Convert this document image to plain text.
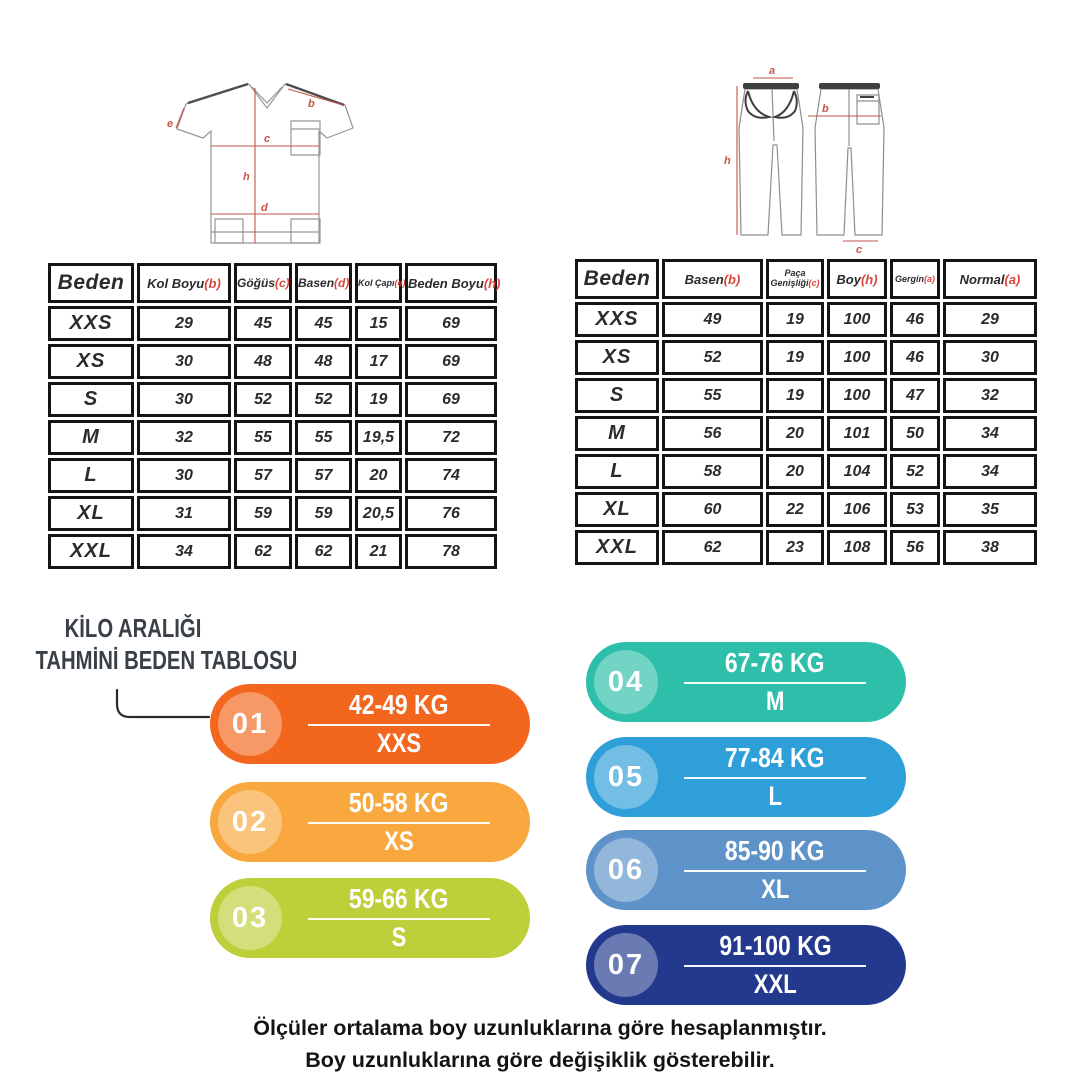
b
c
d
e
h
a
h
b
c
Beden	Kol Boyu(b)	Göğüs(c)	Basen(d)	Kol Çapı(e)	Beden Boyu(h)
XXS	29	45	45	15	69
XS	30	48	48	17	69
S	30	52	52	19	69
M	32	55	55	19,5	72
L	30	57	57	20	74
XL	31	59	59	20,5	76
XXL	34	62	62	21	78
Beden	Basen(b)	Paça Genişliği(c)	Boy(h)	Gergin(a)	Normal(a)
XXS	49	19	100	46	29
XS	52	19	100	46	30
S	55	19	100	47	32
M	56	20	101	50	34
L	58	20	104	52	34
XL	60	22	106	53	35
XXL	62	23	108	56	38
KİLO ARALIĞI
TAHMİNİ BEDEN TABLOSU
01
42-49 KG
XXS
02
50-58 KG
XS
03
59-66 KG
S
04
67-76 KG
M
05
77-84 KG
L
06
85-90 KG
XL
07
91-100 KG
XXL
Ölçüler ortalama boy uzunluklarına göre hesaplanmıştır.
Boy uzunluklarına göre değişiklik gösterebilir.
